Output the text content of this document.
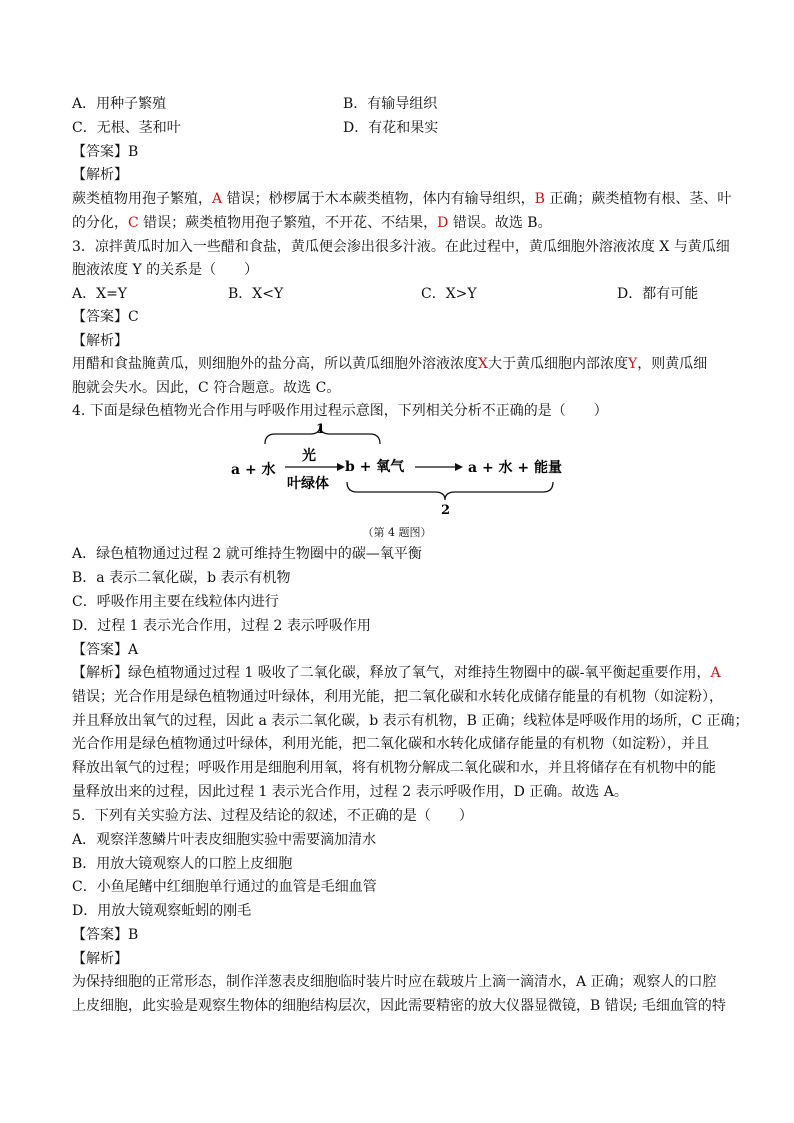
A．用种子繁殖	B．有输导组织
C．无根、茎和叶	D．有花和果实
【答案】B
【解析】
蕨类植物用孢子繁殖，A 错误；桫椤属于木本蕨类植物，体内有输导组织，B 正确；蕨类植物有根、茎、叶
的分化，C 错误；蕨类植物用孢子繁殖，不开花、不结果，D 错误。故选 B。
3．凉拌黄瓜时加入一些醋和食盐，黄瓜便会渗出很多汁液。在此过程中，黄瓜细胞外溶液浓度 X 与黄瓜细
胞液浓度 Y 的关系是（　　）
A．X=Y	B．X<Y	C．X>Y	D．都有可能
【答案】C
【解析】
用醋和食盐腌黄瓜，则细胞外的盐分高，所以黄瓜细胞外溶液浓度X大于黄瓜细胞内部浓度Y，则黄瓜细
胞就会失水。因此，C 符合题意。故选 C。
4. 下面是绿色植物光合作用与呼吸作用过程示意图，下列相关分析不正确的是（　　）
1
a + 水
光
叶绿体
b + 氧气	a + 水 + 能量
2
（第 4 题图）
A．绿色植物通过过程 2 就可维持生物圈中的碳—氧平衡
B．a 表示二氧化碳，b 表示有机物
C．呼吸作用主要在线粒体内进行
D．过程 1 表示光合作用，过程 2 表示呼吸作用
【答案】A
【解析】绿色植物通过过程 1 吸收了二氧化碳，释放了氧气，对维持生物圈中的碳-氧平衡起重要作用，A
错误；光合作用是绿色植物通过叶绿体，利用光能，把二氧化碳和水转化成储存能量的有机物（如淀粉），
并且释放出氧气的过程，因此 a 表示二氧化碳，b 表示有机物，B 正确；线粒体是呼吸作用的场所，C 正确；
光合作用是绿色植物通过叶绿体，利用光能，把二氧化碳和水转化成储存能量的有机物（如淀粉），并且
释放出氧气的过程；呼吸作用是细胞利用氧，将有机物分解成二氧化碳和水，并且将储存在有机物中的能
量释放出来的过程，因此过程 1 表示光合作用，过程 2 表示呼吸作用，D 正确。故选 A。
5．下列有关实验方法、过程及结论的叙述，不正确的是（　　）
A．观察洋葱鳞片叶表皮细胞实验中需要滴加清水
B．用放大镜观察人的口腔上皮细胞
C．小鱼尾鳍中红细胞单行通过的血管是毛细血管
D．用放大镜观察蚯蚓的刚毛
【答案】B
【解析】
为保持细胞的正常形态，制作洋葱表皮细胞临时装片时应在载玻片上滴一滴清水，A 正确；观察人的口腔
上皮细胞，此实验是观察生物体的细胞结构层次，因此需要精密的放大仪器显微镜，B 错误; 毛细血管的特
